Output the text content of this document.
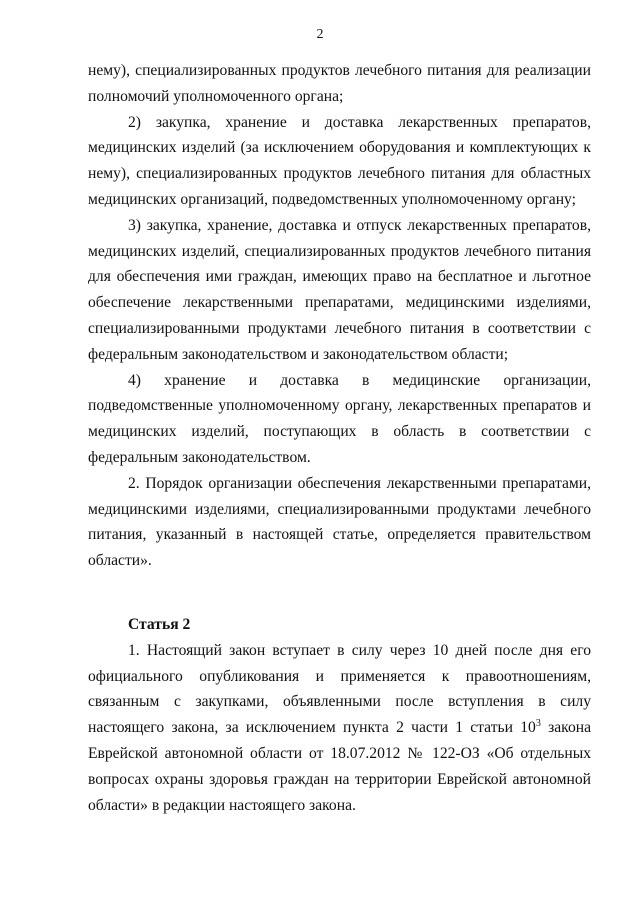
2

нему), специализированных продуктов лечебного питания для реализации полномочий уполномоченного органа;

2) закупка, хранение и доставка лекарственных препаратов, медицинских изделий (за исключением оборудования и комплектующих к нему), специализированных продуктов лечебного питания для областных медицинских организаций, подведомственных уполномоченному органу;

3) закупка, хранение, доставка и отпуск лекарственных препаратов, медицинских изделий, специализированных продуктов лечебного питания для обеспечения ими граждан, имеющих право на бесплатное и льготное обеспечение лекарственными препаратами, медицинскими изделиями, специализированными продуктами лечебного питания в соответствии с федеральным законодательством и законодательством области;

4) хранение и доставка в медицинские организации, подведомственные уполномоченному органу, лекарственных препаратов и медицинских изделий, поступающих в область в соответствии с федеральным законодательством.

2. Порядок организации обеспечения лекарственными препаратами, медицинскими изделиями, специализированными продуктами лечебного питания, указанный в настоящей статье, определяется правительством области».

Статья 2

1. Настоящий закон вступает в силу через 10 дней после дня его официального опубликования и применяется к правоотношениям, связанным с закупками, объявленными после вступления в силу настоящего закона, за исключением пункта 2 части 1 статьи $10^3$ закона Еврейской автономной области от 18.07.2012 № 122-ОЗ «Об отдельных вопросах охраны здоровья граждан на территории Еврейской автономной области» в редакции настоящего закона.
